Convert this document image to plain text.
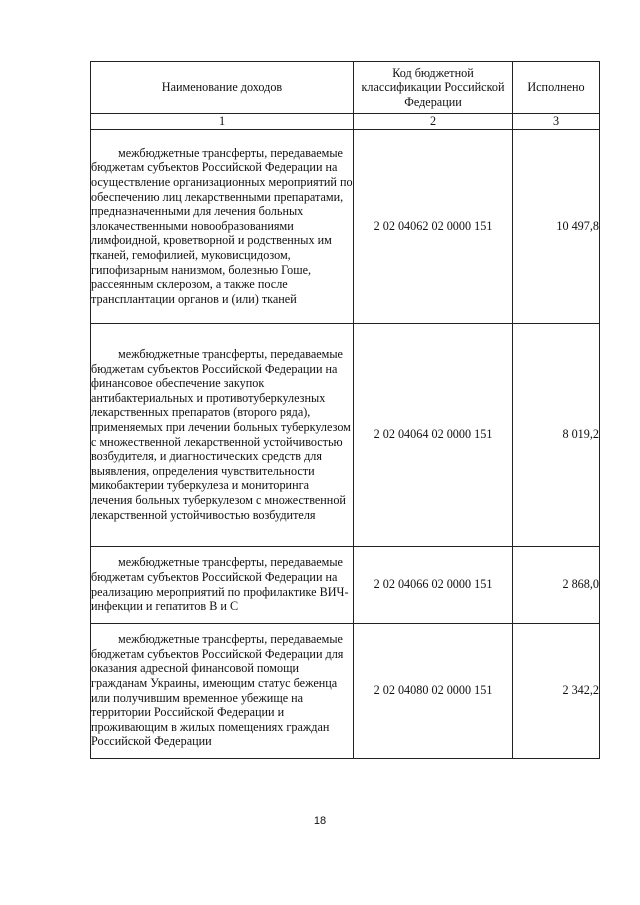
Наименование доходов	Код бюджетной классификации Российской Федерации	Исполнено
1	2	3
межбюджетные трансферты, передаваемые бюджетам субъектов Российской Федерации на осуществление организационных мероприятий по обеспечению лиц лекарственными препаратами, предназначенными для лечения больных злокачественными новообразованиями лимфоидной, кроветворной и родственных им тканей, гемофилией, муковисцидозом, гипофизарным нанизмом, болезнью Гоше, рассеянным склерозом, а также после трансплантации органов и (или) тканей	2 02 04062 02 0000 151	10 497,8
межбюджетные трансферты, передаваемые бюджетам субъектов Российской Федерации на финансовое обеспечение закупок антибактериальных и противотуберкулезных лекарственных препаратов (второго ряда), применяемых при лечении больных туберкулезом с множественной лекарственной устойчивостью возбудителя, и диагностических средств для выявления, определения чувствительности микобактерии туберкулеза и мониторинга лечения больных туберкулезом с множественной лекарственной устойчивостью возбудителя	2 02 04064 02 0000 151	8 019,2
межбюджетные трансферты, передаваемые бюджетам субъектов Российской Федерации на реализацию мероприятий по профилактике ВИЧ-инфекции и гепатитов В и С	2 02 04066 02 0000 151	2 868,0
межбюджетные трансферты, передаваемые бюджетам субъектов Российской Федерации для оказания адресной финансовой помощи гражданам Украины, имеющим статус беженца или получившим временное убежище на территории Российской Федерации и проживающим в жилых помещениях граждан Российской Федерации	2 02 04080 02 0000 151	2 342,2
18
